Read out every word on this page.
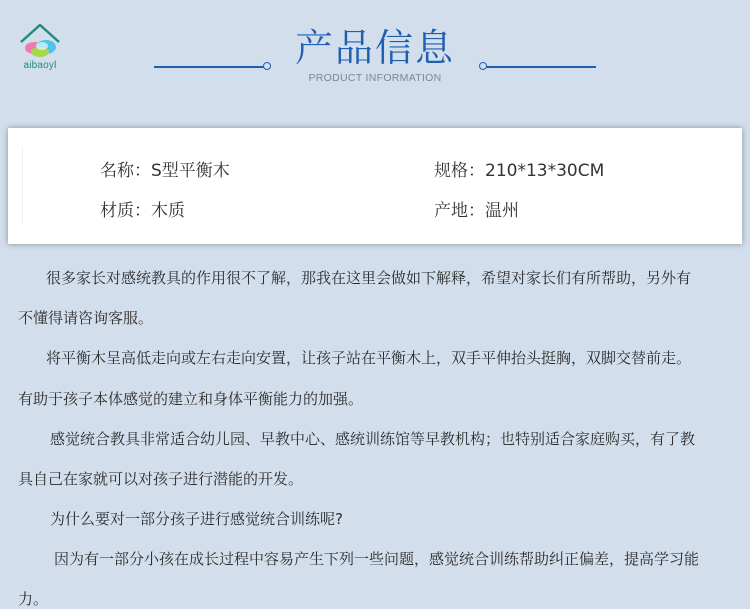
aibaoyl	产品信息
PRODUCT INFORMATION
名称：S型平衡木	规格：210*13*30CM
材质：木质	产地：温州
很多家长对感统教具的作用很不了解，那我在这里会做如下解释，希望对家长们有所帮助，另外有
不懂得请咨询客服。
将平衡木呈高低走向或左右走向安置，让孩子站在平衡木上，双手平伸抬头挺胸，双脚交替前走。
有助于孩子本体感觉的建立和身体平衡能力的加强。
感觉统合教具非常适合幼儿园、早教中心、感统训练馆等早教机构；也特别适合家庭购买，有了教
具自己在家就可以对孩子进行潜能的开发。
为什么要对一部分孩子进行感觉统合训练呢?
因为有一部分小孩在成长过程中容易产生下列一些问题，感觉统合训练帮助纠正偏差，提高学习能
力。
